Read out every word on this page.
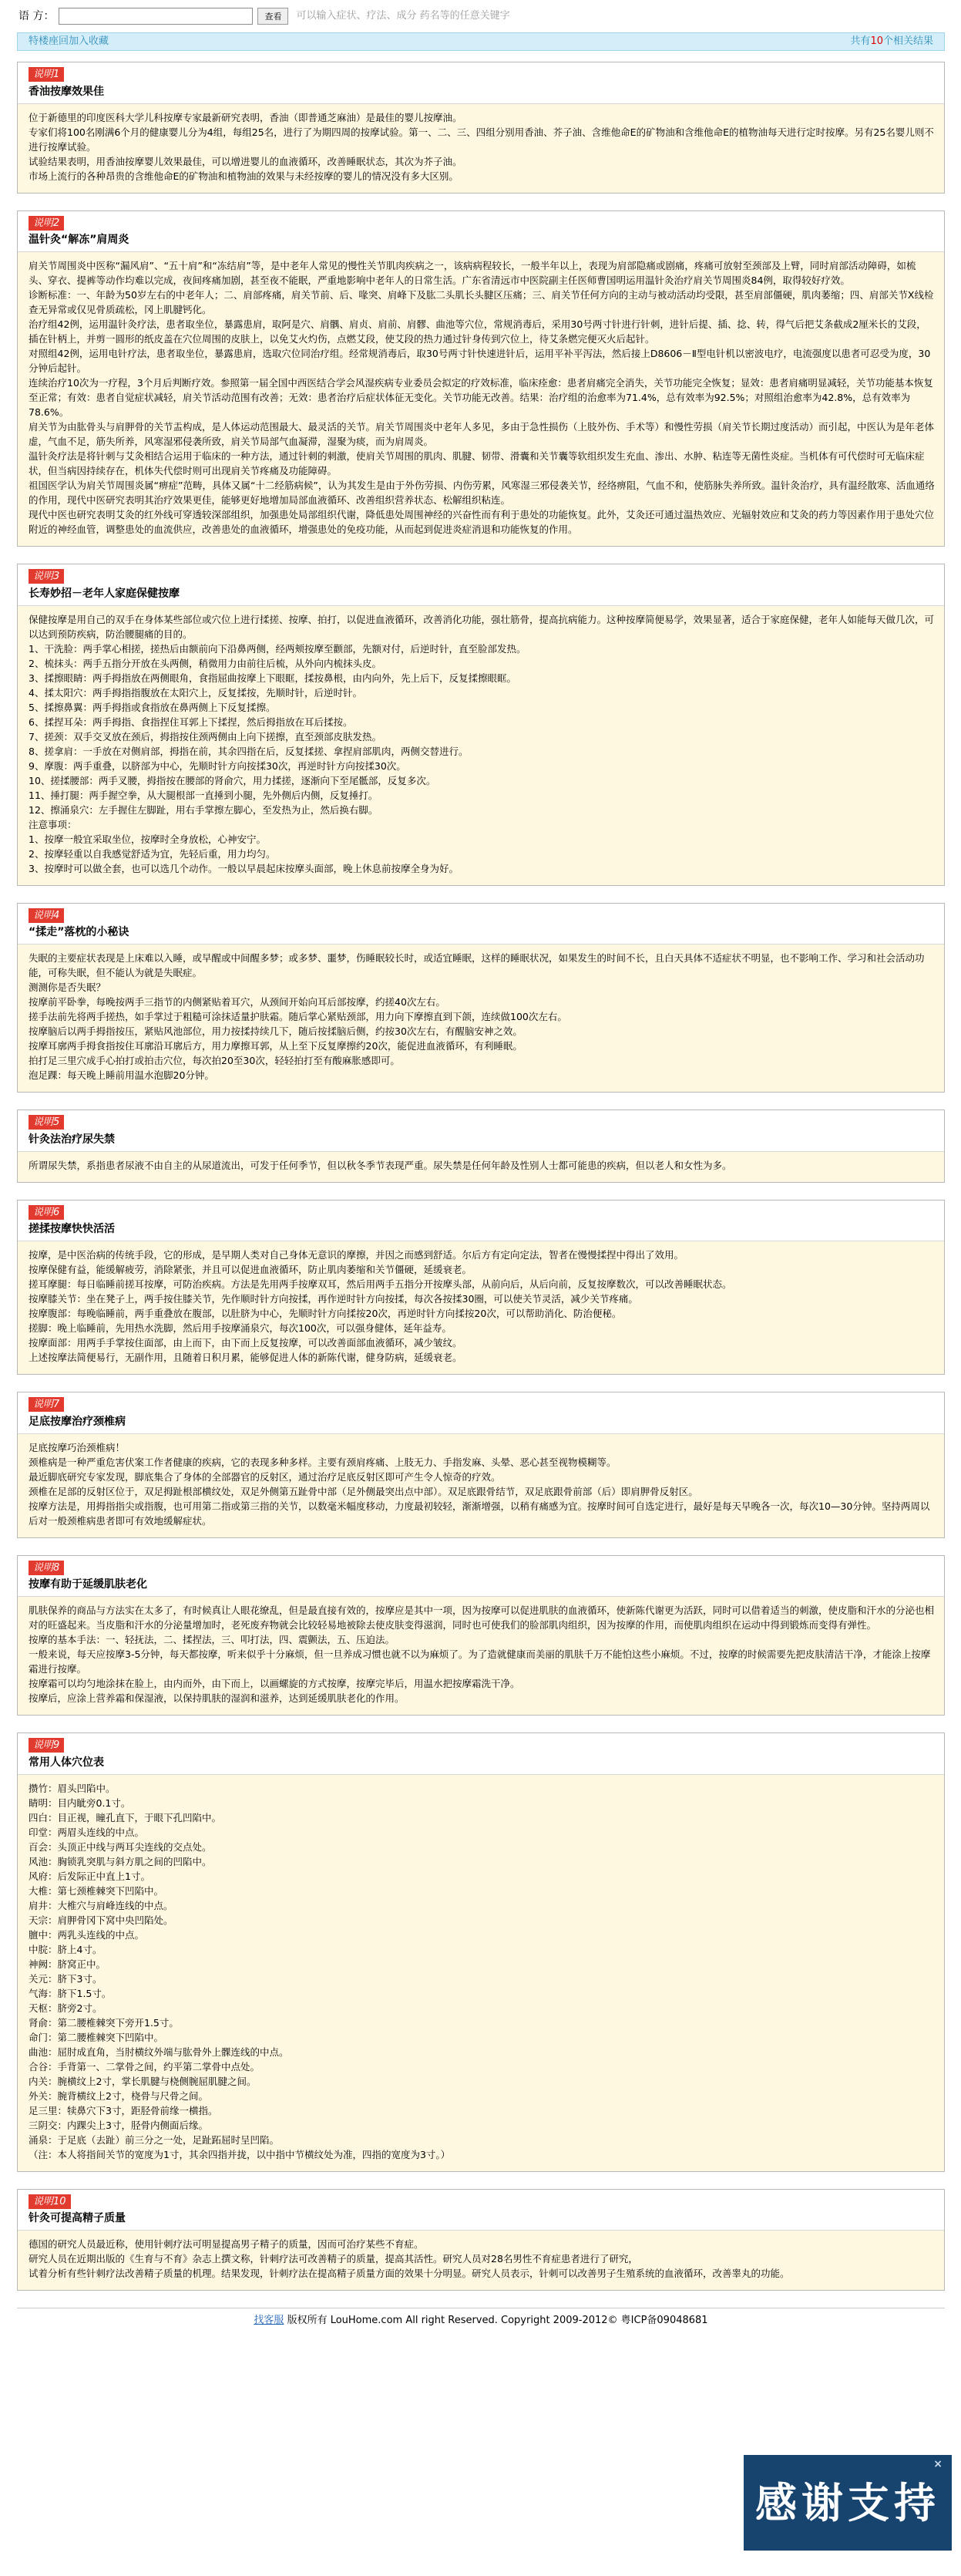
语 方：	查看	可以输入症状、疗法、成分 药名等的任意关键字
特楼座回加入收藏	共有10个相关结果
说明1
香油按摩效果佳

位于新德里的印度医科大学儿科按摩专家最新研究表明，香油（即普通芝麻油）是最佳的婴儿按摩油。

专家们将100名刚满6个月的健康婴儿分为4组，每组25名，进行了为期四周的按摩试验。第一、二、三、四组分别用香油、芥子油、含维他命E的矿物油和含维他命E的植物油每天进行定时按摩。另有25名婴儿则不进行按摩试验。

试验结果表明，用香油按摩婴儿效果最佳，可以增进婴儿的血液循环，改善睡眠状态，其次为芥子油。

市场上流行的各种昂贵的含维他命E的矿物油和植物油的效果与未经按摩的婴儿的情况没有多大区别。

说明2
温针灸“解冻”肩周炎

肩关节周围炎中医称“漏风肩”、“五十肩”和“冻结肩”等，是中老年人常见的慢性关节肌肉疾病之一，该病病程较长，一般半年以上，表现为肩部隐痛或剧痛，疼痛可放射至颈部及上臂，同时肩部活动障碍，如梳头、穿衣、提裤等动作均难以完成，夜间疼痛加剧，甚至夜不能眠，严重地影响中老年人的日常生活。广东省清远市中医院副主任医师曹国明运用温针灸治疗肩关节周围炎84例，取得较好疗效。

诊断标准：一、年龄为50岁左右的中老年人；二、肩部疼痛，肩关节前、后、喙突、肩峰下及肱二头肌长头腱区压痛；三、肩关节任何方向的主动与被动活动均受限，甚至肩部僵硬，肌肉萎缩；四、肩部关节X线检查无异常或仅见骨质疏松，冈上肌腱钙化。

治疗组42例，运用温针灸疗法，患者取坐位，暴露患肩，取阿是穴、肩髃、肩贞、肩前、肩髎、曲池等穴位，常规消毒后，采用30号两寸针进行针刺，进针后提、插、捻、转，得气后把艾条截成2厘米长的艾段，插在针柄上，并剪一圆形的纸皮盖在穴位周围的皮肤上，以免艾火灼伤，点燃艾段，使艾段的热力通过针身传到穴位上，待艾条燃完便灭火后起针。

对照组42例，运用电针疗法，患者取坐位，暴露患肩，选取穴位同治疗组。经常规消毒后，取30号两寸针快速进针后，运用平补平泻法，然后接上D8606－Ⅱ型电针机以密波电疗，电流强度以患者可忍受为度，30分钟后起针。

连续治疗10次为一疗程，3个月后判断疗效。参照第一届全国中西医结合学会风湿疾病专业委员会拟定的疗效标准，临床痊愈：患者肩痛完全消失，关节功能完全恢复；显效：患者肩痛明显减轻，关节功能基本恢复至正常；有效：患者自觉症状减轻，肩关节活动范围有改善；无效：患者治疗后症状体征无变化。关节功能无改善。结果：治疗组的治愈率为71.4%，总有效率为92.5%；对照组治愈率为42.8%，总有效率为78.6%。

肩关节为由肱骨头与肩胛骨的关节盂构成，是人体运动范围最大、最灵活的关节。肩关节周围炎中老年人多见，多由于急性损伤（上肢外伤、手术等）和慢性劳损（肩关节长期过度活动）而引起，中医认为是年老体虚，气血不足，筋失所养，风寒湿邪侵袭所致，肩关节局部气血凝滞，湿聚为痰，而为肩周炎。

温针灸疗法是将针刺与艾灸相结合运用于临床的一种方法，通过针刺的刺激，使肩关节周围的肌肉、肌腱、韧带、滑囊和关节囊等软组织发生充血、渗出、水肿、粘连等无菌性炎症。当机体有可代偿时可无临床症状，但当病因持续存在，机体失代偿时则可出现肩关节疼痛及功能障碍。

祖国医学认为肩关节周围炎属“痹症”范畴，具体又属“十二经筋病候”，认为其发生是由于外伤劳损、内伤劳累，风寒湿三邪侵袭关节，经络痹阻，气血不和，使筋脉失养所致。温针灸治疗，具有温经散寒、活血通络的作用，现代中医研究表明其治疗效果更佳，能够更好地增加局部血液循环、改善组织营养状态、松解组织粘连。

现代中医也研究表明艾灸的红外线可穿透较深部组织，加强患处局部组织代谢，降低患处周围神经的兴奋性而有利于患处的功能恢复。此外，艾灸还可通过温热效应、光辐射效应和艾灸的药力等因素作用于患处穴位附近的神经血管，调整患处的血流供应，改善患处的血液循环，增强患处的免疫功能，从而起到促进炎症消退和功能恢复的作用。

说明3
长寿妙招－老年人家庭保健按摩

保健按摩是用自己的双手在身体某些部位或穴位上进行揉搓、按摩、拍打，以促进血液循环，改善消化功能，强壮筋骨，提高抗病能力。这种按摩简便易学，效果显著，适合于家庭保健，老年人如能每天做几次，可以达到预防疾病，防治腰腿痛的目的。

1、干洗脸：两手掌心相搓，搓热后由额前向下沿鼻两侧，经两颊按摩至颧部，先额对付，后逆时针，直至脸部发热。

2、梳抹头：两手五指分开放在头两侧，稍微用力由前往后梳，从外向内梳抹头皮。

3、揉擦眼睛：两手拇指放在两侧眼角，食指屈曲按摩上下眼眶，揉按鼻根，由内向外，先上后下，反复揉擦眼眶。

4、揉太阳穴：两手拇指指腹放在太阳穴上，反复揉按，先顺时针，后逆时针。

5、揉擦鼻翼：两手拇指或食指放在鼻两侧上下反复揉擦。

6、揉捏耳朵：两手拇指、食指捏住耳郭上下揉捏，然后拇指放在耳后揉按。

7、搓颈：双手交叉放在颈后，拇指按住颈两侧由上向下搓擦，直至颈部皮肤发热。

8、搓拿肩：一手放在对侧肩部，拇指在前，其余四指在后，反复揉搓、拿捏肩部肌肉，两侧交替进行。

9、摩腹：两手重叠，以脐部为中心，先顺时针方向按揉30次，再逆时针方向按揉30次。

10、搓揉腰部：两手叉腰，拇指按在腰部的肾俞穴，用力揉搓，逐渐向下至尾骶部，反复多次。

11、捶打腿：两手握空拳，从大腿根部一直捶到小腿，先外侧后内侧，反复捶打。

12、擦涌泉穴：左手握住左脚趾，用右手掌擦左脚心，至发热为止，然后换右脚。

注意事项：

1、按摩一般宜采取坐位，按摩时全身放松，心神安宁。

2、按摩轻重以自我感觉舒适为宜，先轻后重，用力均匀。

3、按摩时可以做全套，也可以选几个动作。一般以早晨起床按摩头面部，晚上休息前按摩全身为好。

说明4
“揉走”落枕的小秘诀

失眠的主要症状表现是上床难以入睡，或早醒或中间醒多梦；或多梦、噩梦，伤睡眠较长时，或适宜睡眠，这样的睡眠状况，如果发生的时间不长，且白天具体不适症状不明显，也不影响工作、学习和社会活动功能，可称失眠，但不能认为就是失眠症。

测测你是否失眠？

按摩前平卧拳，每晚按两手三指节的内侧紧贴着耳穴，从颈间开始向耳后部按摩，约搓40次左右。

搓手法前先将两手搓热，如手掌过于粗糙可涂抹适量护肤霜。随后掌心紧贴颈部，用力向下摩擦直到下颌，连续做100次左右。

按摩脑后以两手拇指按压，紧贴风池部位，用力按揉持续几下，随后按揉脑后侧，约按30次左右，有醒脑安神之效。

按摩耳廓两手拇食指按住耳廓沿耳廓后方，用力摩擦耳郭，从上至下反复摩擦约20次，能促进血液循环，有利睡眠。

拍打足三里穴成手心拍打或拍击穴位，每次拍20至30次，轻轻拍打至有酸麻胀感即可。

泡足踝：每天晚上睡前用温水泡脚20分钟。

说明5
针灸法治疗尿失禁

所谓尿失禁，系指患者尿液不由自主的从尿道流出，可发于任何季节，但以秋冬季节表现严重。尿失禁是任何年龄及性别人士都可能患的疾病，但以老人和女性为多。

说明6
搓揉按摩快快活活

按摩，是中医治病的传统手段，它的形成，是早期人类对自己身体无意识的摩擦，并因之而感到舒适。尔后方有定向定法，智者在慢慢揉捏中得出了效用。

按摩保健有益，能缓解疲劳，消除紧张，并且可以促进血液循环，防止肌肉萎缩和关节僵硬，延缓衰老。

搓耳摩腿：每日临睡前搓耳按摩，可防治疾病。方法是先用两手按摩双耳，然后用两手五指分开按摩头部，从前向后，从后向前，反复按摩数次，可以改善睡眠状态。

按摩膝关节：坐在凳子上，两手按住膝关节，先作顺时针方向按揉，再作逆时针方向按揉，每次各按揉30圈，可以使关节灵活，减少关节疼痛。

按摩腹部：每晚临睡前，两手重叠放在腹部，以肚脐为中心，先顺时针方向揉按20次，再逆时针方向揉按20次，可以帮助消化、防治便秘。

搓脚：晚上临睡前，先用热水洗脚，然后用手按摩涌泉穴，每次100次，可以强身健体，延年益寿。

按摩面部：用两手手掌按住面部，由上而下，由下而上反复按摩，可以改善面部血液循环，减少皱纹。

上述按摩法简便易行，无副作用，且随着日积月累，能够促进人体的新陈代谢，健身防病，延缓衰老。

说明7
足底按摩治疗颈椎病

足底按摩巧治颈椎病！

颈椎病是一种严重危害伏案工作者健康的疾病，它的表现多种多样。主要有颈肩疼痛、上肢无力、手指发麻、头晕、恶心甚至视物模糊等。

最近脚底研究专家发现，脚底集合了身体的全部器官的反射区，通过治疗足底反射区即可产生令人惊奇的疗效。

颈椎在足部的反射区位于，双足拇趾根部横纹处，双足外侧第五趾骨中部（足外侧最突出点中部）。双足底跟骨结节，双足底跟骨前部（后）即肩胛骨反射区。

按摩方法是，用拇指指尖或指腹，也可用第二指或第三指的关节，以数毫米幅度移动，力度最初较轻，渐渐增强，以稍有痛感为宜。按摩时间可自选定进行，最好是每天早晚各一次，每次10—30分钟。坚持两周以后对一般颈椎病患者即可有效地缓解症状。

说明8
按摩有助于延缓肌肤老化

肌肤保养的商品与方法实在太多了，有时候真让人眼花缭乱，但是最直接有效的，按摩应是其中一项，因为按摩可以促进肌肤的血液循环，使新陈代谢更为活跃，同时可以借着适当的刺激，使皮脂和汗水的分泌也相对的旺盛起来。当皮脂和汗水的分泌量增加时，老死废弃物就会比较轻易地被除去使皮肤变得滋润，同时也可使我们的脸部肌肉组织，因为按摩的作用，而使肌肉组织在运动中得到锻炼而变得有弹性。

按摩的基本手法：一、轻抚法，二、揉捏法，三、叩打法，四、震颤法，五、压迫法。

一般来说，每天应按摩3-5分钟，每天都按摩，听来似乎十分麻烦，但一旦养成习惯也就不以为麻烦了。为了造就健康而美丽的肌肤千万不能怕这些小麻烦。不过，按摩的时候需要先把皮肤清洁干净，才能涂上按摩霜进行按摩。

按摩霜可以均匀地涂抹在脸上，由内而外，由下而上，以画螺旋的方式按摩，按摩完毕后，用温水把按摩霜洗干净。

按摩后，应涂上营养霜和保湿液，以保持肌肤的湿润和滋养，达到延缓肌肤老化的作用。

说明9
常用人体穴位表

攒竹：眉头凹陷中。

睛明：目内眦旁0.1寸。

四白：目正视，瞳孔直下，于眼下孔凹陷中。

印堂：两眉头连线的中点。

百会：头顶正中线与两耳尖连线的交点处。

风池：胸锁乳突肌与斜方肌之间的凹陷中。

风府：后发际正中直上1寸。

大椎：第七颈椎棘突下凹陷中。

肩井：大椎穴与肩峰连线的中点。

天宗：肩胛骨冈下窝中央凹陷处。

膻中：两乳头连线的中点。

中脘：脐上4寸。

神阙：脐窝正中。

关元：脐下3寸。

气海：脐下1.5寸。

天枢：脐旁2寸。

肾俞：第二腰椎棘突下旁开1.5寸。

命门：第二腰椎棘突下凹陷中。

曲池：屈肘成直角，当肘横纹外端与肱骨外上髁连线的中点。

合谷：手背第一、二掌骨之间，约平第二掌骨中点处。

内关：腕横纹上2寸，掌长肌腱与桡侧腕屈肌腱之间。

外关：腕背横纹上2寸，桡骨与尺骨之间。

足三里：犊鼻穴下3寸，距胫骨前缘一横指。

三阴交：内踝尖上3寸，胫骨内侧面后缘。

涌泉：于足底（去趾）前三分之一处，足趾跖屈时呈凹陷。

（注：本人将指间关节的宽度为1寸，其余四指并拢，以中指中节横纹处为准，四指的宽度为3寸。）

说明10
针灸可提高精子质量

德国的研究人员最近称，使用针刺疗法可明显提高男子精子的质量，因而可治疗某些不育症。

研究人员在近期出版的《生育与不育》杂志上撰文称，针刺疗法可改善精子的质量，提高其活性。研究人员对28名男性不育症患者进行了研究，

试着分析有些针刺疗法改善精子质量的机理。结果发现，针刺疗法在提高精子质量方面的效果十分明显。研究人员表示，针刺可以改善男子生殖系统的血液循环，改善睾丸的功能。

找客服 版权所有 LouHome.com All right Reserved. Copyright 2009-2012© 粤ICP备09048681
感谢支持
×
